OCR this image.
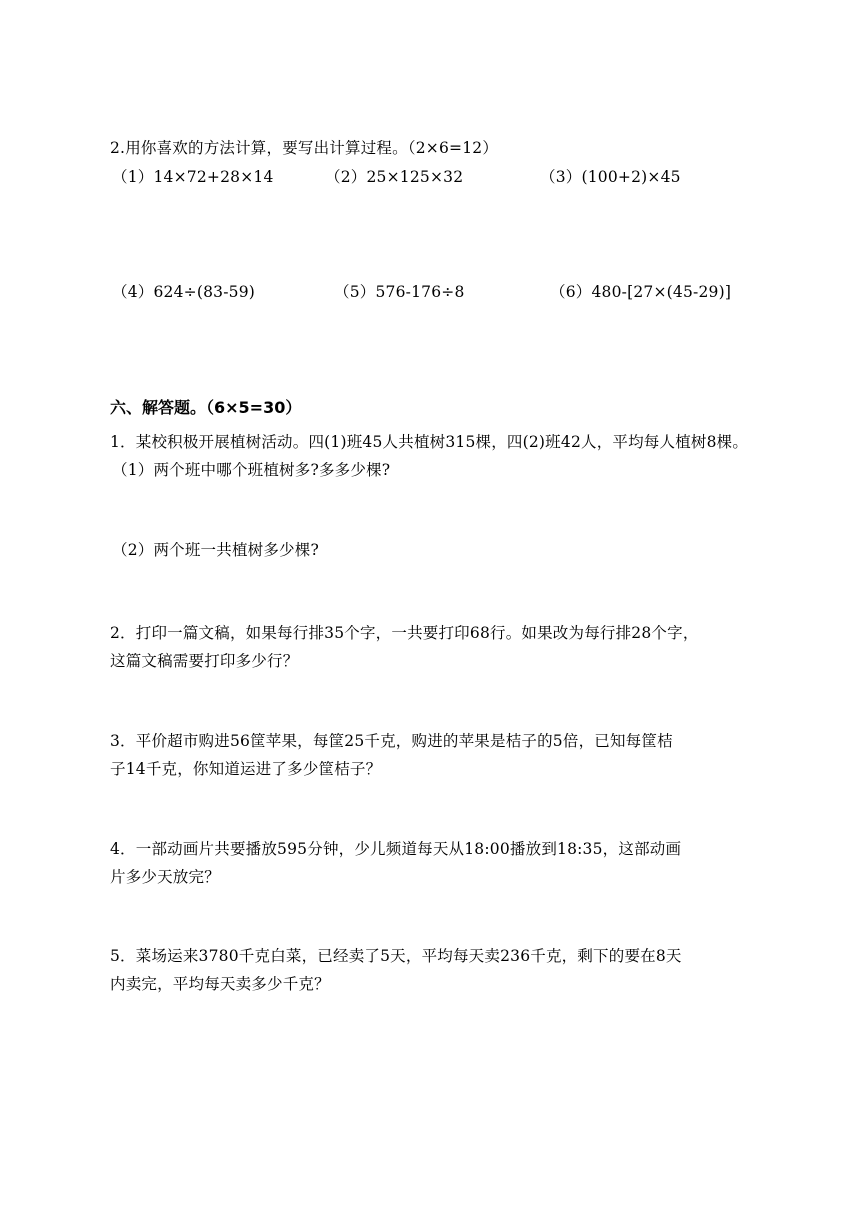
2.用你喜欢的方法计算，要写出计算过程。（2×6=12）
（1）14×72+28×14	（2）25×125×32	（3）(100+2)×45
（4）624÷(83-59)	（5）576-176÷8	（6）480-[27×(45-29)]
六、解答题。（6×5=30）
1．某校积极开展植树活动。四(1)班45人共植树315棵，四(2)班42人，平均每人植树8棵。
（1）两个班中哪个班植树多?多多少棵?
（2）两个班一共植树多少棵?
2．打印一篇文稿，如果每行排35个字，一共要打印68行。如果改为每行排28个字，
这篇文稿需要打印多少行？
3．平价超市购进56筐苹果，每筐25千克，购进的苹果是桔子的5倍，已知每筐桔
子14千克，你知道运进了多少筐桔子？
4．一部动画片共要播放595分钟，少儿频道每天从18:00播放到18:35，这部动画
片多少天放完？
5．菜场运来3780千克白菜，已经卖了5天，平均每天卖236千克，剩下的要在8天
内卖完，平均每天卖多少千克？
